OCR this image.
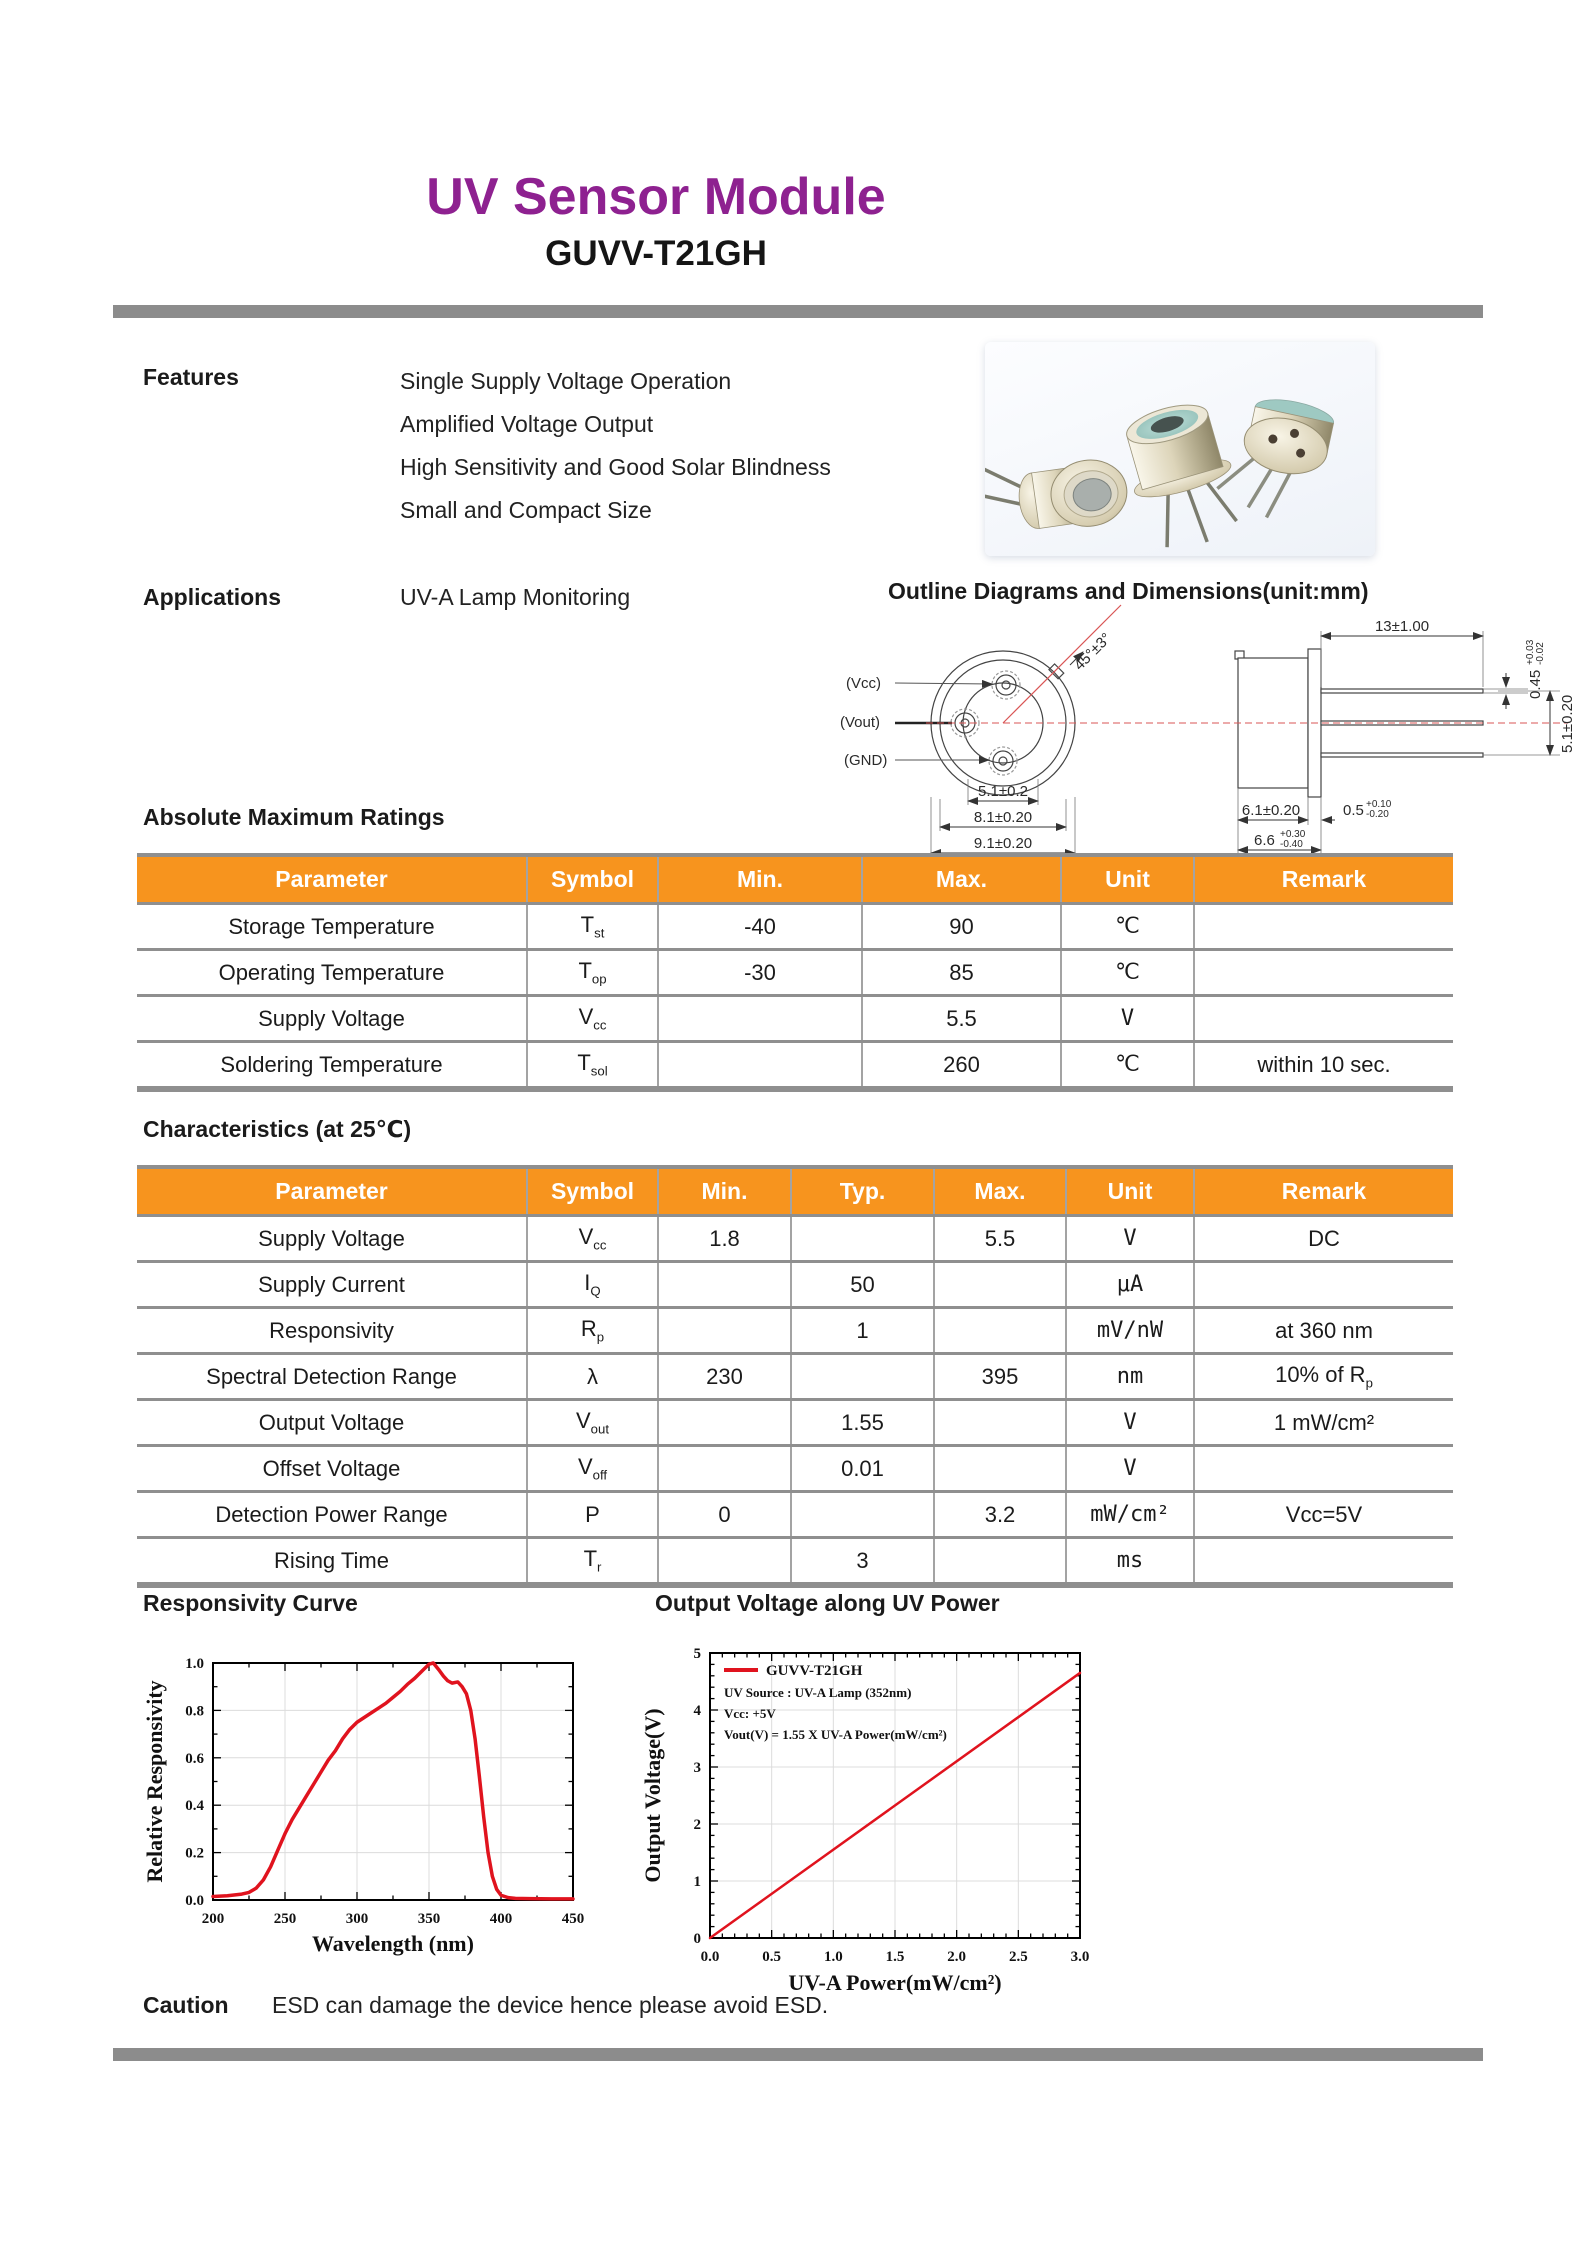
UV Sensor Module
GUVV-T21GH
Features	Single Supply Voltage Operation
Amplified Voltage Output
High Sensitivity and Good Solar Blindness
Small and Compact Size
Applications	UV-A Lamp Monitoring	Outline Diagrams and Dimensions(unit:mm)
45°±3°
(Vcc)
(Vout)
(GND)
5.1±0.2
8.1±0.20
9.1±0.20
13±1.00
0.45
+0.03 -0.02
5.1±0.20
6.1±0.20	0.5 +0.10
-0.20
6.6 +0.30
-0.40
Absolute Maximum Ratings
Parameter	Symbol	Min.	Max.	Unit	Remark
Storage Temperature	$T_{st}$	-40	90	℃	
Operating Temperature	$T_{op}$	-30	85	℃	
Supply Voltage	$V_{cc}$		5.5	V	
Soldering Temperature	$T_{sol}$		260	℃	within 10 sec.
Characteristics (at 25℃)
Parameter	Symbol	Min.	Typ.	Max.	Unit	Remark
Supply Voltage	$V_{cc}$	1.8		5.5	V	DC
Supply Current	$I_Q$		50		μA	
Responsivity	$R_p$		1		mV/nW	at 360 nm
Spectral Detection Range	λ	230		395	nm	10% of $R_p$
Output Voltage	$V_{out}$		1.55		V	1 mW/cm²
Offset Voltage	$V_{off}$		0.01		V	
Detection Power Range	P	0		3.2	mW/cm²	Vcc=5V
Rising Time	$T_r$		3		ms	
Responsivity Curve	Output Voltage along UV Power
200	250	300	350	400	450
0.0
0.2
0.4
0.6
0.8
1.0
Wavelength (nm)
Relative Responsivity
0.0	0.5	1.0	1.5	2.0	2.5	3.0
0
1
2
3
4
5
UV-A Power(mW/cm²)
Output Voltage(V)
GUVV-T21GH
UV Source : UV-A Lamp (352nm)
Vcc: +5V
Vout(V) = 1.55 X UV-A Power(mW/cm²)
Caution ESD can damage the device hence please avoid ESD.
